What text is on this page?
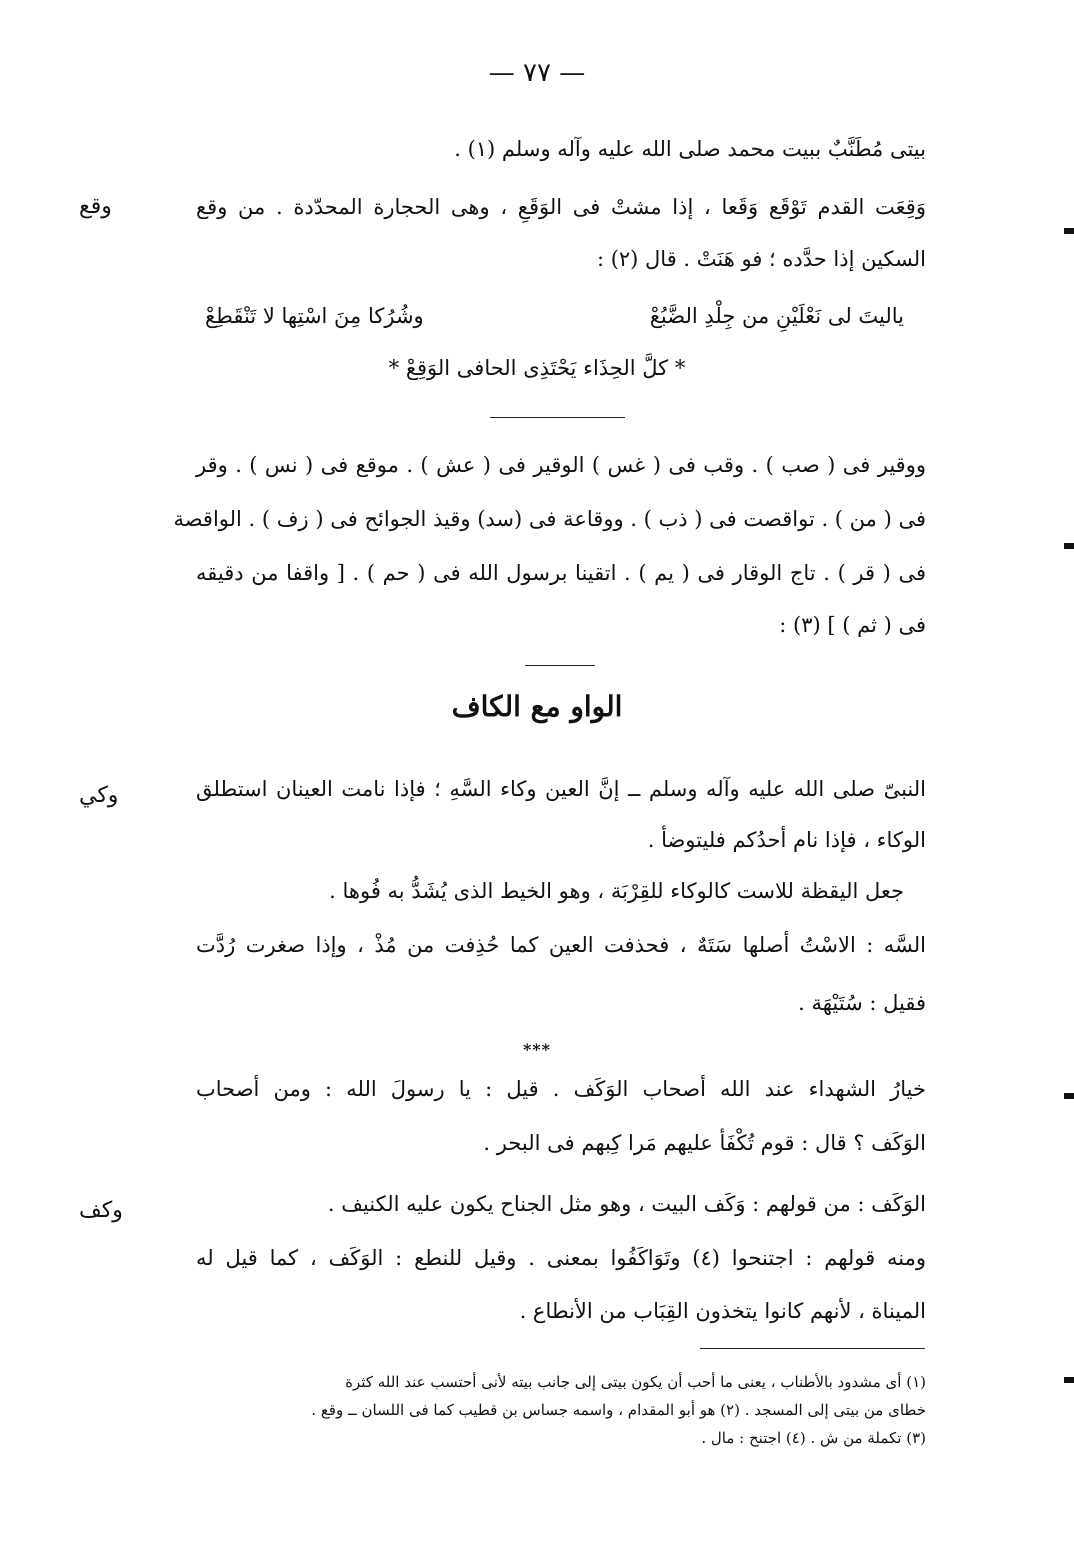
— ٧٧ —
بيتى مُطَنَّبٌ ببيت محمد صلى الله عليه وآله وسلم (١) .
وقع	وَقِعَت القدم تَوْقَع وَقَعا ، إذا مشتْ فى الوَقَعِ ، وهى الحجارة المحدّدة . من وقع
السكين إذا حدَّده ؛ فو هَنَتْ . قال (٢) :
ياليتَ لى نَعْلَيْنِ من جِلْدِ الضَّبُعْ
وشُرُكا مِنَ اسْتِها لا تَنْقَطِعْ
* كلَّ الحِذَاء يَحْتَذِى الحافى الوَقِعْ *
ووقير فى ( صب ) . وقب فى ( غس ) الوقير فى ( عش ) . موقع فى ( نس ) . وقر
فى ( من ) . تواقصت فى ( ذب ) . ووقاعة فى (سد) وقيذ الجوائح فى ( زف ) . الواقصة
فى ( قر ) . تاج الوقار فى ( يم ) . اتقينا برسول الله فى ( حم ) . [ واقفا من دقيقه
فى ( ثم ) ] (٣) :
الواو مع الكاف
وكي	النبىّ صلى الله عليه وآله وسلم ــ إنَّ العين وكاء السَّهِ ؛ فإذا نامت العينان استطلق
الوكاء ، فإذا نام أحدُكم فليتوضأ .
جعل اليقظة للاست كالوكاء للقِرْبَة ، وهو الخيط الذى يُشَدُّ به فُوها .
السَّه : الاسْتُ أصلها سَتَهٌ ، فحذفت العين كما حُذِفت من مُذْ ، وإذا صغرت رُدَّت
فقيل : سُتَيْهَة .
***
خيارُ الشهداء عند الله أصحاب الوَكَف . قيل : يا رسولَ الله : ومن أصحاب
الوَكَف ؟ قال : قوم تُكْفَأ عليهم مَرا كِبهم فى البحر .
وكف	الوَكَف : من قولهم : وَكَف البيت ، وهو مثل الجناح يكون عليه الكنيف .
ومنه قولهم : اجتنحوا (٤) وتَوَاكَفُوا بمعنى . وقيل للنطع : الوَكَف ، كما قيل له
الميناة ، لأنهم كانوا يتخذون القِبَاب من الأنطاع .
(١) أى مشدود بالأطناب ، يعنى ما أحب أن يكون بيتى إلى جانب بيته لأنى أحتسب عند الله كثرة
خطاى من بيتى إلى المسجد . (٢) هو أبو المقدام ، واسمه جساس بن قطيب كما فى اللسان ــ وقع .
(٣) تكملة من ش . (٤) اجتنح : مال .
